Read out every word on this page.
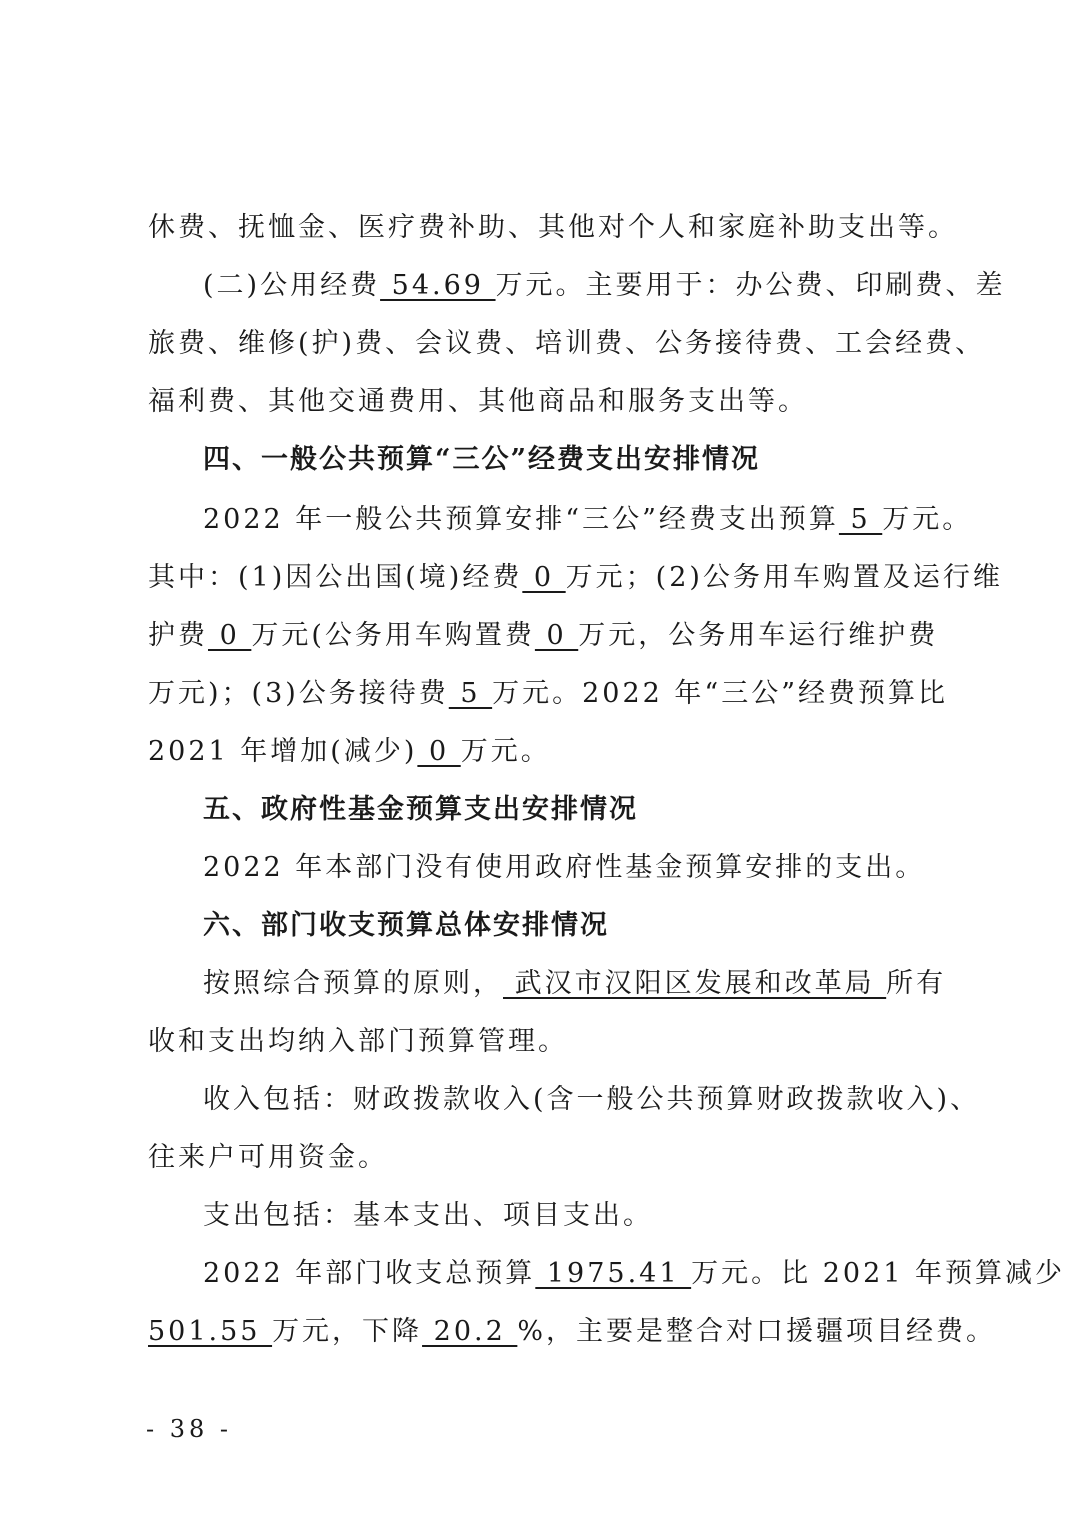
休费、抚恤金、医疗费补助、其他对个人和家庭补助支出等。
(二)公用经费 54.69 万元。主要用于：办公费、印刷费、差
旅费、维修(护)费、会议费、培训费、公务接待费、工会经费、
福利费、其他交通费用、其他商品和服务支出等。
四、一般公共预算“三公”经费支出安排情况
2022 年一般公共预算安排“三公”经费支出预算 5 万元。
其中：(1)因公出国(境)经费 0 万元；(2)公务用车购置及运行维
护费 0 万元(公务用车购置费 0 万元，公务用车运行维护费
万元)；(3)公务接待费 5 万元。2022 年“三公”经费预算比
2021 年增加(减少) 0 万元。
五、政府性基金预算支出安排情况
2022 年本部门没有使用政府性基金预算安排的支出。
六、部门收支预算总体安排情况
按照综合预算的原则， 武汉市汉阳区发展和改革局 所有
收和支出均纳入部门预算管理。
收入包括：财政拨款收入(含一般公共预算财政拨款收入)、
往来户可用资金。
支出包括：基本支出、项目支出。
2022 年部门收支总预算 1975.41 万元。比 2021 年预算减少
501.55 万元，下降 20.2 %，主要是整合对口援疆项目经费。
- 38 -
